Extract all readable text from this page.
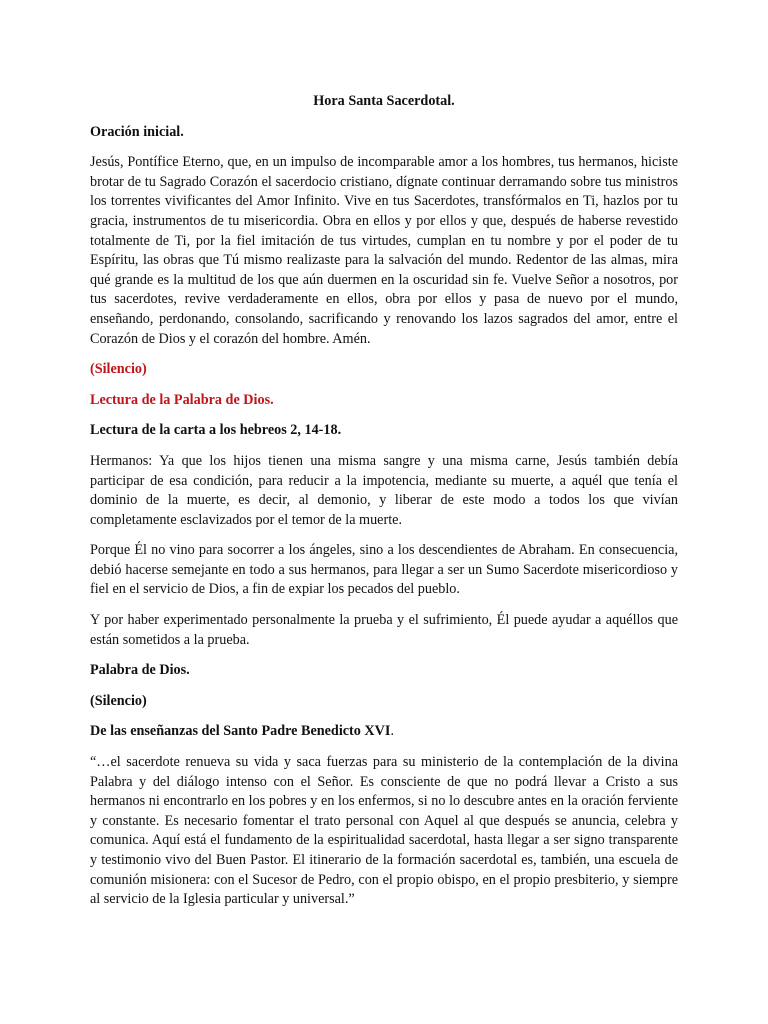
Hora Santa Sacerdotal.
Oración inicial.

Jesús, Pontífice Eterno, que, en un impulso de incomparable amor a los hombres, tus hermanos, hiciste brotar de tu Sagrado Corazón el sacerdocio cristiano, dígnate continuar derramando sobre tus ministros los torrentes vivificantes del Amor Infinito. Vive en tus Sacerdotes, transfórmalos en Ti, hazlos por tu gracia, instrumentos de tu misericordia. Obra en ellos y por ellos y que, después de haberse revestido totalmente de Ti, por la fiel imitación de tus virtudes, cumplan en tu nombre y por el poder de tu Espíritu, las obras que Tú mismo realizaste para la salvación del mundo. Redentor de las almas, mira qué grande es la multitud de los que aún duermen en la oscuridad sin fe. Vuelve Señor a nosotros, por tus sacerdotes, revive verdaderamente en ellos, obra por ellos y pasa de nuevo por el mundo, enseñando, perdonando, consolando, sacrificando y renovando los lazos sagrados del amor, entre el Corazón de Dios y el corazón del hombre. Amén.

(Silencio)
Lectura de la Palabra de Dios.
Lectura de la carta a los hebreos 2, 14-18.

Hermanos: Ya que los hijos tienen una misma sangre y una misma carne, Jesús también debía participar de esa condición, para reducir a la impotencia, mediante su muerte, a aquél que tenía el dominio de la muerte, es decir, al demonio, y liberar de este modo a todos los que vivían completamente esclavizados por el temor de la muerte.

Porque Él no vino para socorrer a los ángeles, sino a los descendientes de Abraham. En consecuencia, debió hacerse semejante en todo a sus hermanos, para llegar a ser un Sumo Sacerdote misericordioso y fiel en el servicio de Dios, a fin de expiar los pecados del pueblo.

Y por haber experimentado personalmente la prueba y el sufrimiento, Él puede ayudar a aquéllos que están sometidos a la prueba.

Palabra de Dios.
(Silencio)
De las enseñanzas del Santo Padre Benedicto XVI.

“…el sacerdote renueva su vida y saca fuerzas para su ministerio de la contemplación de la divina Palabra y del diálogo intenso con el Señor. Es consciente de que no podrá llevar a Cristo a sus hermanos ni encontrarlo en los pobres y en los enfermos, si no lo descubre antes en la oración ferviente y constante. Es necesario fomentar el trato personal con Aquel al que después se anuncia, celebra y comunica. Aquí está el fundamento de la espiritualidad sacerdotal, hasta llegar a ser signo transparente y testimonio vivo del Buen Pastor. El itinerario de la formación sacerdotal es, también, una escuela de comunión misionera: con el Sucesor de Pedro, con el propio obispo, en el propio presbiterio, y siempre al servicio de la Iglesia particular y universal.”
